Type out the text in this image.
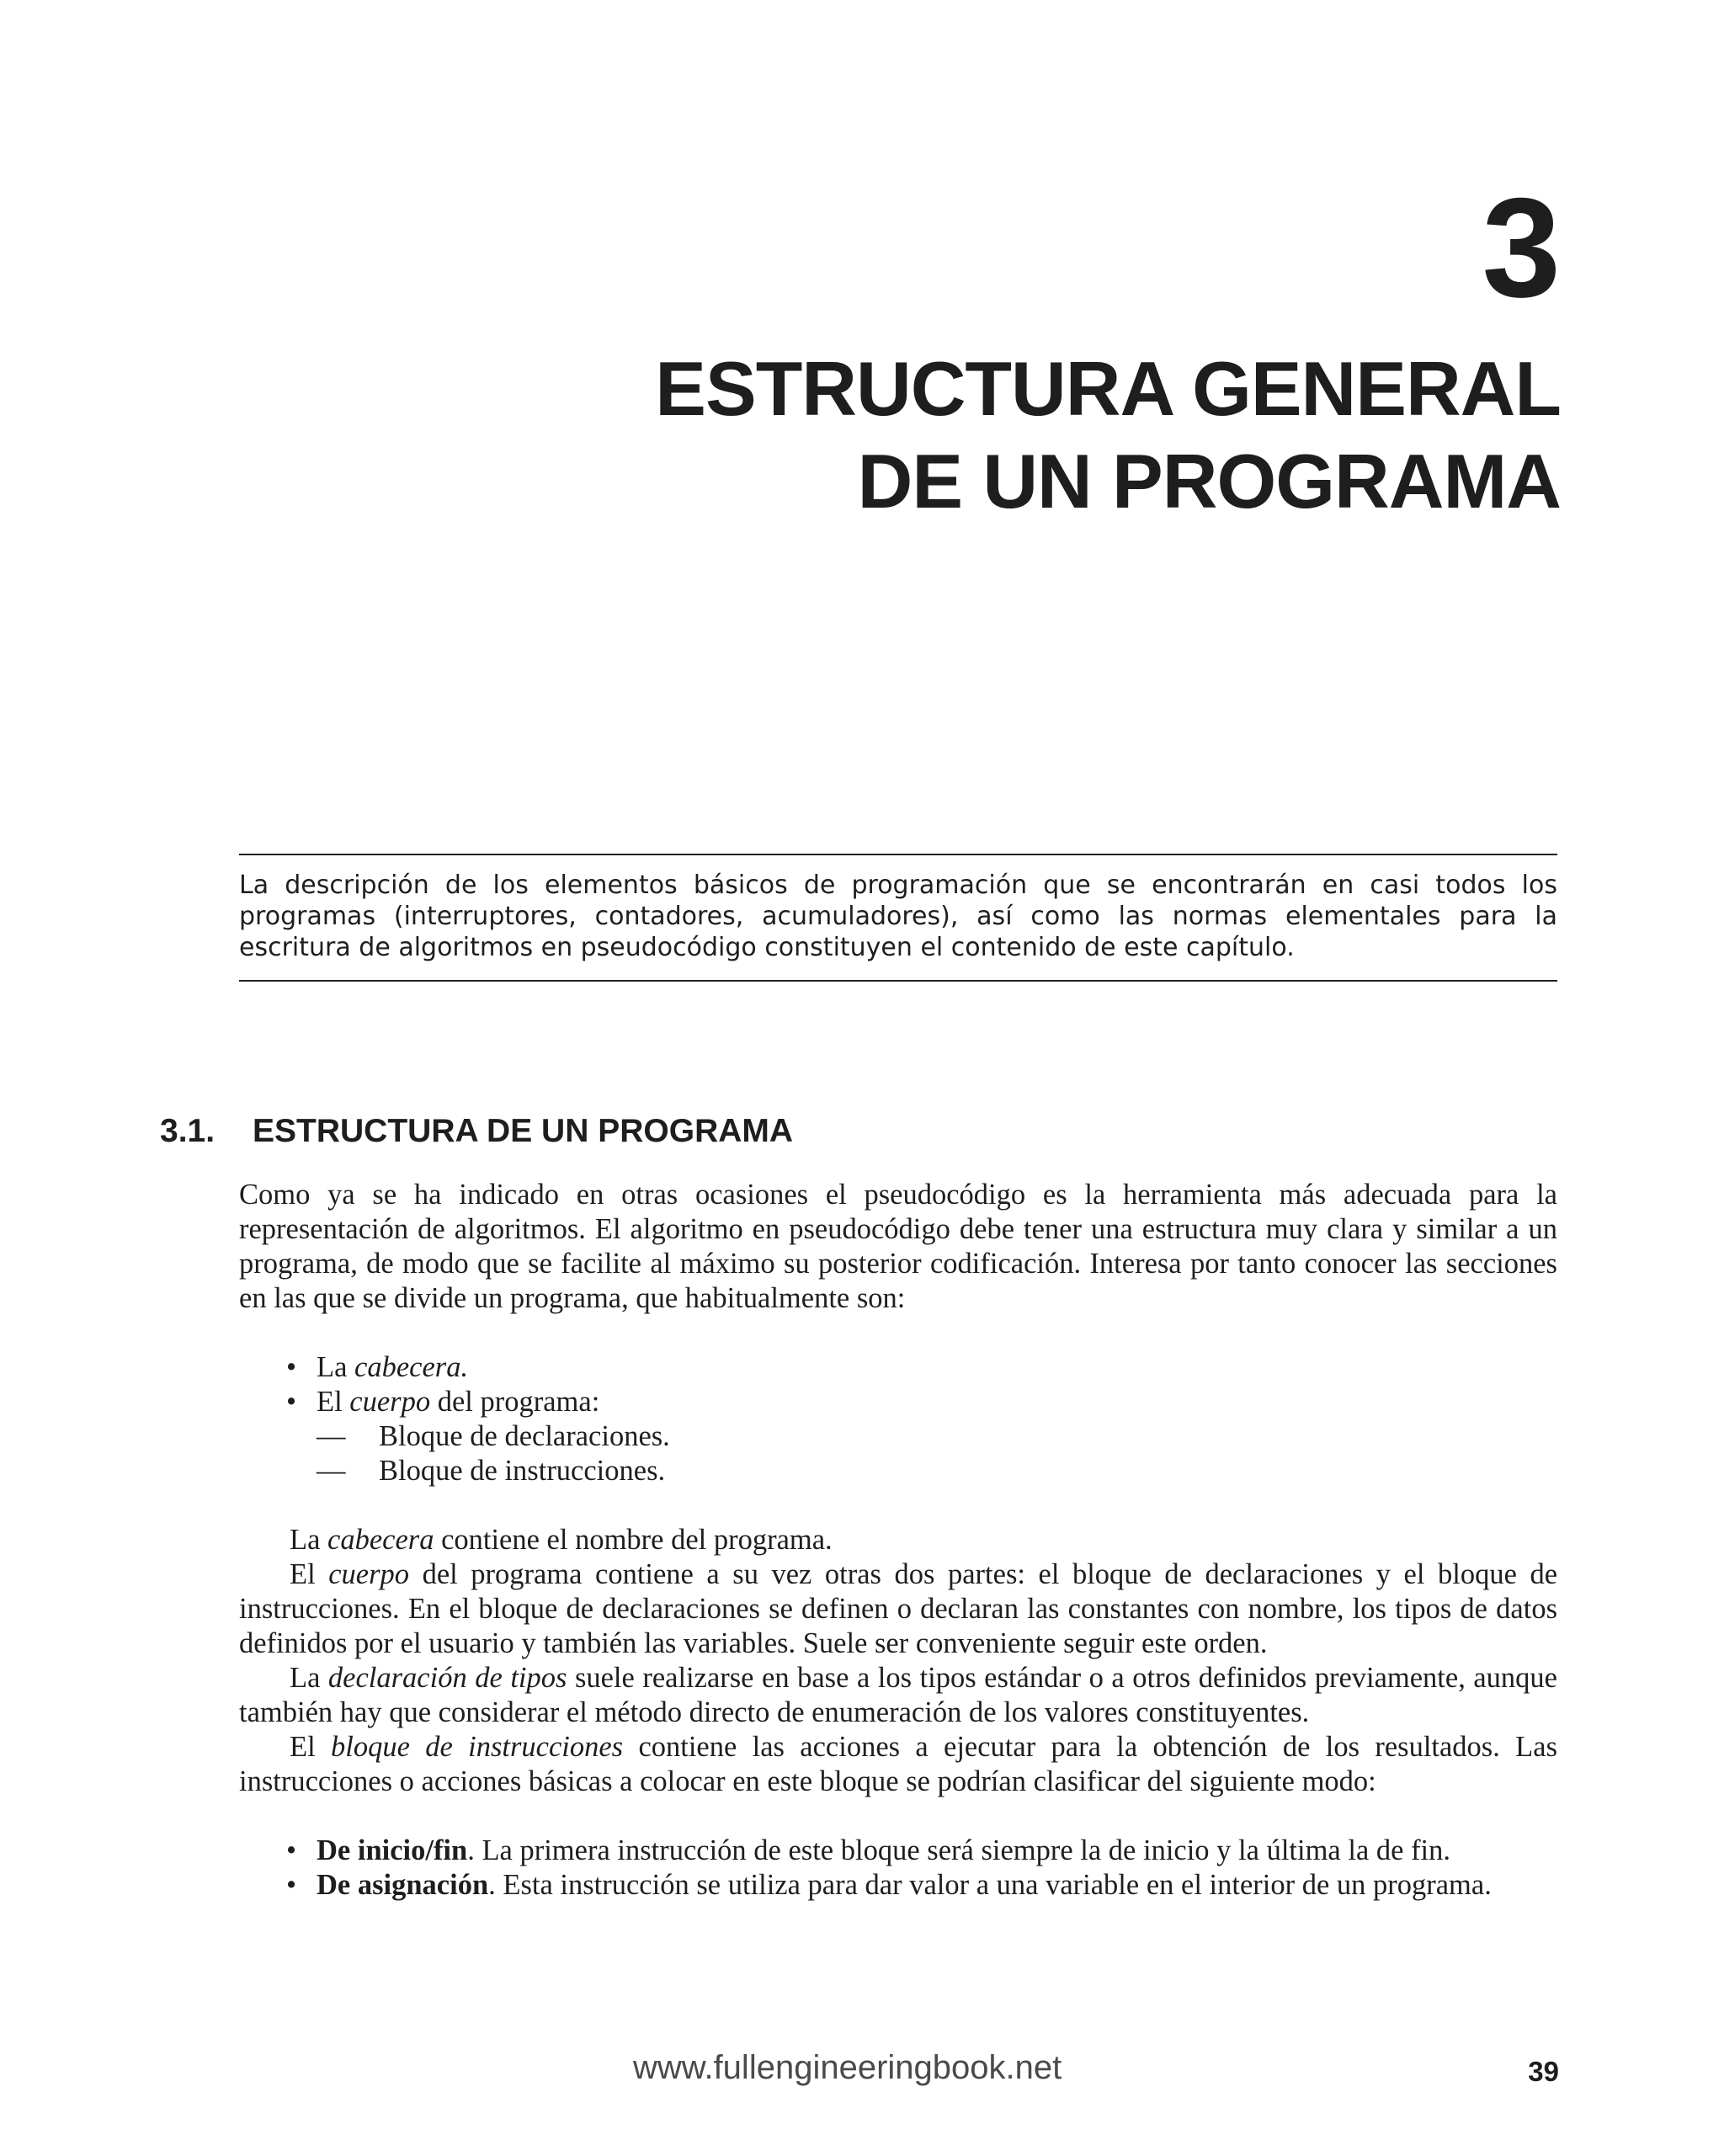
3
ESTRUCTURA GENERAL
DE UN PROGRAMA

La descripción de los elementos básicos de programación que se encontrarán en casi todos los programas (interruptores, contadores, acumuladores), así como las normas elementales para la escritura de algoritmos en pseudocódigo constituyen el contenido de este capítulo.

3.1. ESTRUCTURA DE UN PROGRAMA

Como ya se ha indicado en otras ocasiones el pseudocódigo es la herramienta más adecuada para la representación de algoritmos. El algoritmo en pseudocódigo debe tener una estructura muy clara y similar a un programa, de modo que se facilite al máximo su posterior codificación. Interesa por tanto conocer las secciones en las que se divide un programa, que habitualmente son:

• La cabecera.
• El cuerpo del programa:
— Bloque de declaraciones.
— Bloque de instrucciones.

La cabecera contiene el nombre del programa.

El cuerpo del programa contiene a su vez otras dos partes: el bloque de declaraciones y el bloque de instrucciones. En el bloque de declaraciones se definen o declaran las constantes con nombre, los tipos de datos definidos por el usuario y también las variables. Suele ser conveniente seguir este orden.

La declaración de tipos suele realizarse en base a los tipos estándar o a otros definidos previamente, aunque también hay que considerar el método directo de enumeración de los valores constituyentes.

El bloque de instrucciones contiene las acciones a ejecutar para la obtención de los resultados. Las instrucciones o acciones básicas a colocar en este bloque se podrían clasificar del siguiente modo:

• De inicio/fin. La primera instrucción de este bloque será siempre la de inicio y la última la de fin.
• De asignación. Esta instrucción se utiliza para dar valor a una variable en el interior de un programa.
www.fullengineeringbook.net	39
